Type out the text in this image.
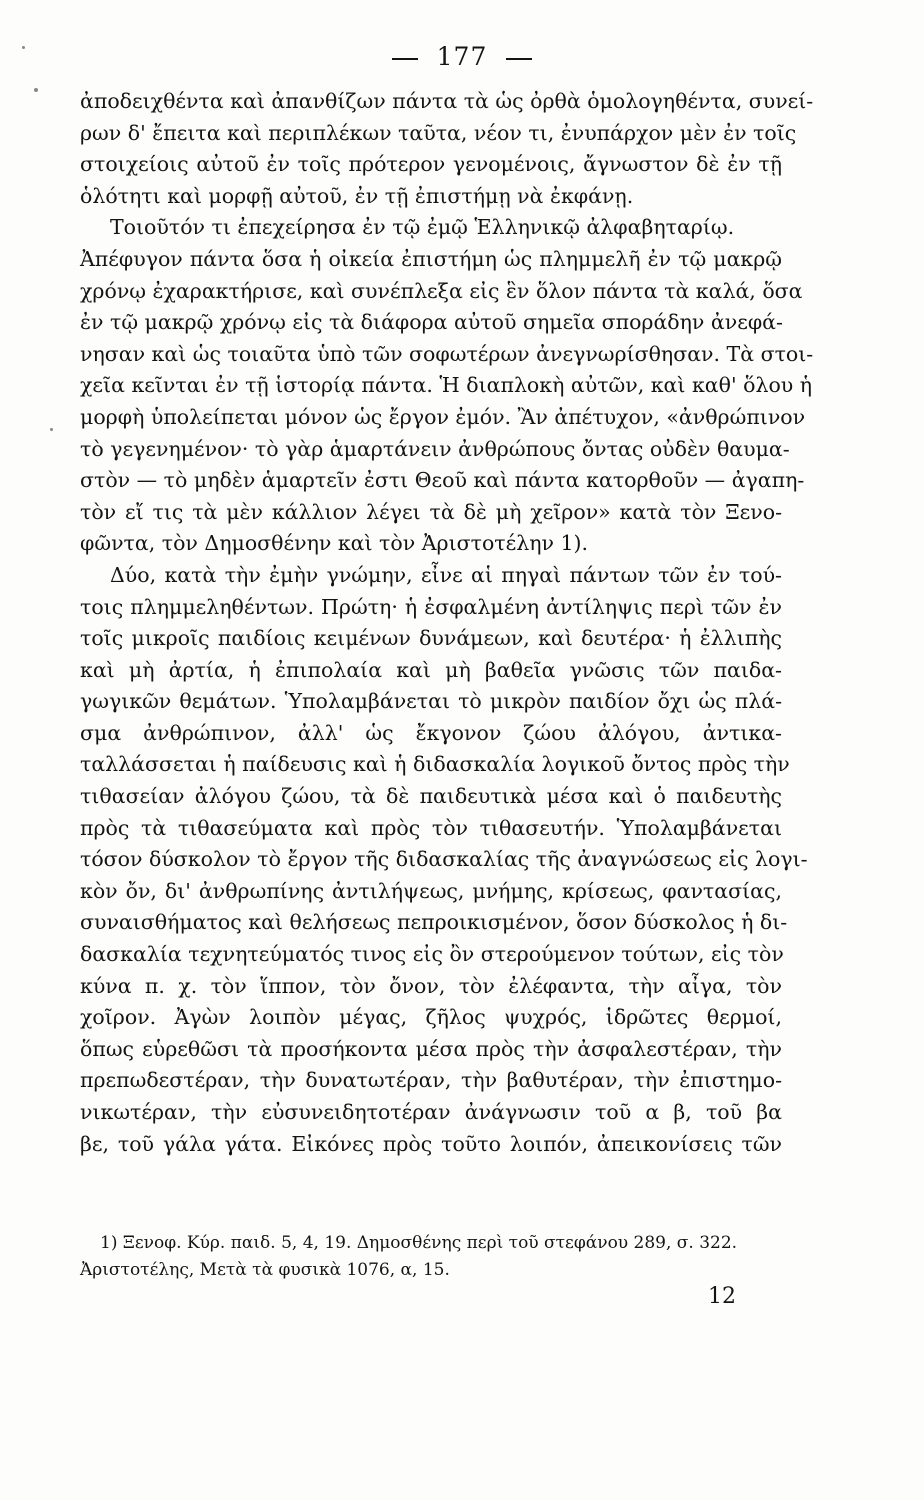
177
ἀποδειχθέντα καὶ ἀπανθίζων πάντα τὰ ὡς ὀρθὰ ὁμολογηθέντα, συνεί-
ρων δ' ἔπειτα καὶ περιπλέκων ταῦτα, νέον τι, ἐνυπάρχον μὲν ἐν τοῖς
στοιχείοις αὐτοῦ ἐν τοῖς πρότερον γενομένοις, ἄγνωστον δὲ ἐν τῇ
ὁλότητι καὶ μορφῇ αὐτοῦ, ἐν τῇ ἐπιστήμῃ νὰ ἐκφάνῃ.
Τοιοῦτόν τι ἐπεχείρησα ἐν τῷ ἐμῷ Ἑλληνικῷ ἀλφαβηταρίῳ.
Ἀπέφυγον πάντα ὅσα ἡ οἰκεία ἐπιστήμη ὡς πλημμελῆ ἐν τῷ μακρῷ
χρόνῳ ἐχαρακτήρισε, καὶ συνέπλεξα εἰς ἓν ὅλον πάντα τὰ καλά, ὅσα
ἐν τῷ μακρῷ χρόνῳ εἰς τὰ διάφορα αὐτοῦ σημεῖα σποράδην ἀνεφά-
νησαν καὶ ὡς τοιαῦτα ὑπὸ τῶν σοφωτέρων ἀνεγνωρίσθησαν. Τὰ στοι-
χεῖα κεῖνται ἐν τῇ ἱστορίᾳ πάντα. Ἡ διαπλοκὴ αὐτῶν, καὶ καθ' ὅλου ἡ
μορφὴ ὑπολείπεται μόνον ὡς ἔργον ἐμόν. Ἂν ἀπέτυχον, «ἀνθρώπινον
τὸ γεγενημένον· τὸ γὰρ ἁμαρτάνειν ἀνθρώπους ὄντας οὐδὲν θαυμα-
στὸν — τὸ μηδὲν ἁμαρτεῖν ἐστι Θεοῦ καὶ πάντα κατορθοῦν — ἀγαπη-
τὸν εἴ τις τὰ μὲν κάλλιον λέγει τὰ δὲ μὴ χεῖρον» κατὰ τὸν Ξενο-
φῶντα, τὸν Δημοσθένην καὶ τὸν Ἀριστοτέλην 1).
Δύο, κατὰ τὴν ἐμὴν γνώμην, εἶνε αἱ πηγαὶ πάντων τῶν ἐν τού-
τοις πλημμεληθέντων. Πρώτη· ἡ ἐσφαλμένη ἀντίληψις περὶ τῶν ἐν
τοῖς μικροῖς παιδίοις κειμένων δυνάμεων, καὶ δευτέρα· ἡ ἐλλιπὴς
καὶ μὴ ἀρτία, ἡ ἐπιπολαία καὶ μὴ βαθεῖα γνῶσις τῶν παιδα-
γωγικῶν θεμάτων. Ὑπολαμβάνεται τὸ μικρὸν παιδίον ὄχι ὡς πλά-
σμα ἀνθρώπινον, ἀλλ' ὡς ἔκγονον ζώου ἀλόγου, ἀντικα-
ταλλάσσεται ἡ παίδευσις καὶ ἡ διδασκαλία λογικοῦ ὄντος πρὸς τὴν
τιθασείαν ἀλόγου ζώου, τὰ δὲ παιδευτικὰ μέσα καὶ ὁ παιδευτὴς
πρὸς τὰ τιθασεύματα καὶ πρὸς τὸν τιθασευτήν. Ὑπολαμβάνεται
τόσον δύσκολον τὸ ἔργον τῆς διδασκαλίας τῆς ἀναγνώσεως εἰς λογι-
κὸν ὄν, δι' ἀνθρωπίνης ἀντιλήψεως, μνήμης, κρίσεως, φαντασίας,
συναισθήματος καὶ θελήσεως πεπροικισμένον, ὅσον δύσκολος ἡ δι-
δασκαλία τεχνητεύματός τινος εἰς ὂν στερούμενον τούτων, εἰς τὸν
κύνα π. χ. τὸν ἵππον, τὸν ὄνον, τὸν ἐλέφαντα, τὴν αἶγα, τὸν
χοῖρον. Ἀγὼν λοιπὸν μέγας, ζῆλος ψυχρός, ἱδρῶτες θερμοί,
ὅπως εὑρεθῶσι τὰ προσήκοντα μέσα πρὸς τὴν ἀσφαλεστέραν, τὴν
πρεπωδεστέραν, τὴν δυνατωτέραν, τὴν βαθυτέραν, τὴν ἐπιστημο-
νικωτέραν, τὴν εὐσυνειδητοτέραν ἀνάγνωσιν τοῦ α β, τοῦ βα
βε, τοῦ γάλα γάτα. Εἰκόνες πρὸς τοῦτο λοιπόν, ἀπεικονίσεις τῶν
1) Ξενοφ. Κύρ. παιδ. 5, 4, 19. Δημοσθένης περὶ τοῦ στεφάνου 289, σ. 322.
Ἀριστοτέλης, Μετὰ τὰ φυσικὰ 1076, α, 15.
12
